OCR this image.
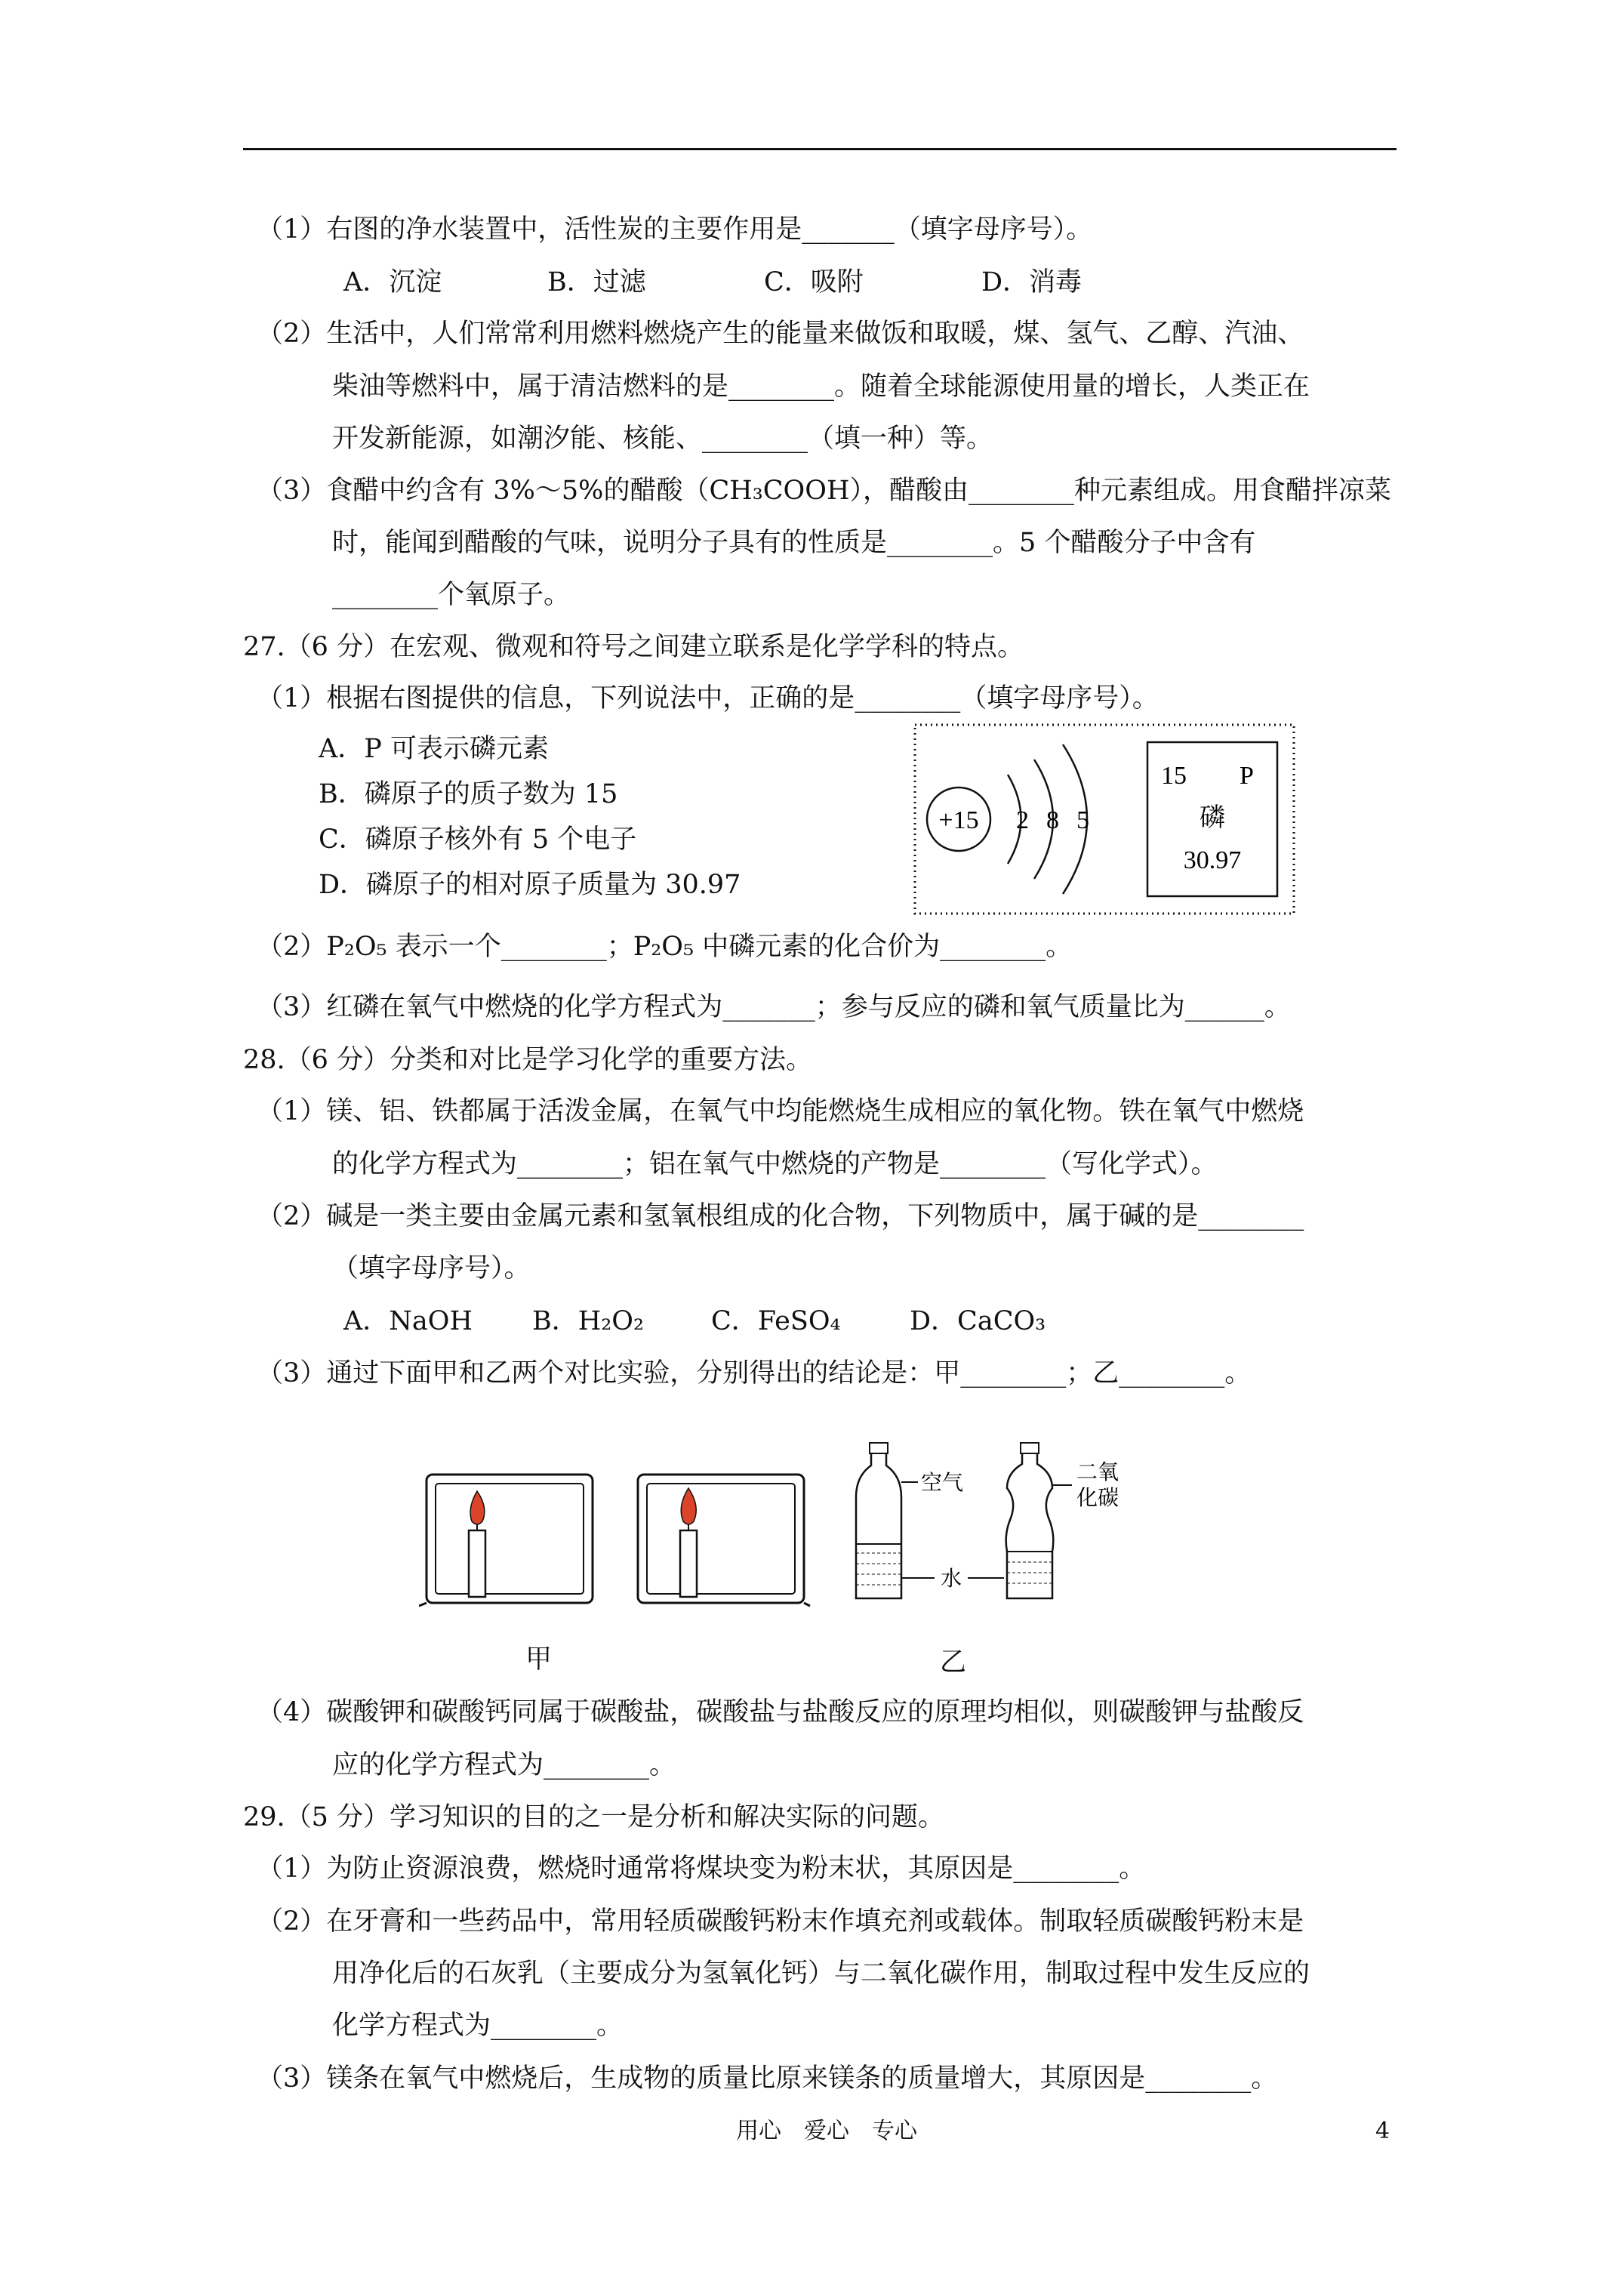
（1）右图的净水装置中，活性炭的主要作用是_______（填字母序号）。
A．沉淀	B．过滤	C．吸附	D．消毒
（2）生活中，人们常常利用燃料燃烧产生的能量来做饭和取暖，煤、氢气、乙醇、汽油、
柴油等燃料中，属于清洁燃料的是________。随着全球能源使用量的增长，人类正在
开发新能源，如潮汐能、核能、________（填一种）等。
（3）食醋中约含有 3%～5%的醋酸（CH₃COOH），醋酸由________种元素组成。用食醋拌凉菜
时，能闻到醋酸的气味，说明分子具有的性质是________。5 个醋酸分子中含有
________个氧原子。
27.（6 分）在宏观、微观和符号之间建立联系是化学学科的特点。
（1）根据右图提供的信息，下列说法中，正确的是________（填字母序号）。
A．P 可表示磷元素
B．磷原子的质子数为 15
C．磷原子核外有 5 个电子
D．磷原子的相对原子质量为 30.97
+15 2 8 5
15 P
磷
30.97
（2）P₂O₅ 表示一个________；P₂O₅ 中磷元素的化合价为________。
（3）红磷在氧气中燃烧的化学方程式为_______；参与反应的磷和氧气质量比为______。
28.（6 分）分类和对比是学习化学的重要方法。
（1）镁、铝、铁都属于活泼金属，在氧气中均能燃烧生成相应的氧化物。铁在氧气中燃烧
的化学方程式为________；铝在氧气中燃烧的产物是________（写化学式）。
（2）碱是一类主要由金属元素和氢氧根组成的化合物，下列物质中，属于碱的是________
（填字母序号）。
A．NaOH B．H₂O₂	C．FeSO₄	D．CaCO₃
（3）通过下面甲和乙两个对比实验，分别得出的结论是：甲________；乙________。
空气
水
二氧
化碳
甲	乙
（4）碳酸钾和碳酸钙同属于碳酸盐，碳酸盐与盐酸反应的原理均相似，则碳酸钾与盐酸反
应的化学方程式为________。
29.（5 分）学习知识的目的之一是分析和解决实际的问题。
（1）为防止资源浪费，燃烧时通常将煤块变为粉末状，其原因是________。
（2）在牙膏和一些药品中，常用轻质碳酸钙粉末作填充剂或载体。制取轻质碳酸钙粉末是
用净化后的石灰乳（主要成分为氢氧化钙）与二氧化碳作用，制取过程中发生反应的
化学方程式为________。
（3）镁条在氧气中燃烧后，生成物的质量比原来镁条的质量增大，其原因是________。
用心　爱心　专心	4
